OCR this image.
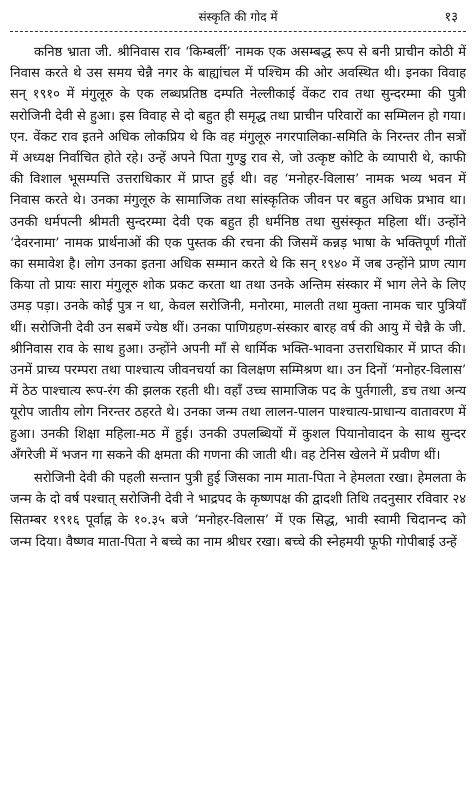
संस्कृति की गोद में	१३

कनिष्ठ भ्राता जी. श्रीनिवास राव ‘किम्बर्ली’ नामक एक असम्बद्ध रूप से बनी प्राचीन कोठी में निवास करते थे उस समय चेन्नै नगर के बाह्यांचल में पश्चिम की ओर अवस्थित थी। इनका विवाह सन् १९१० में मंगुलूरु के एक लब्धप्रतिष्ठ दम्पति नेल्लीकाई वेंकट राव तथा सुन्दरम्मा की पुत्री सरोजिनी देवी से हुआ। इस विवाह से दो बहुत ही समृद्ध तथा प्राचीन परिवारों का सम्मिलन हो गया। एन. वेंकट राव इतने अधिक लोकप्रिय थे कि वह मंगुलूरु नगरपालिका-समिति के निरन्तर तीन सत्रों में अध्यक्ष निर्वाचित होते रहे। उन्हें अपने पिता गुण्डु राव से, जो उत्कृष्ट कोटि के व्यापारी थे, काफी की विशाल भूसम्पत्ति उत्तराधिकार में प्राप्त हुई थी। वह ‘मनोहर-विलास’ नामक भव्य भवन में निवास करते थे। उनका मंगुलूरु के सामाजिक तथा सांस्कृतिक जीवन पर बहुत अधिक प्रभाव था। उनकी धर्मपत्नी श्रीमती सुन्दरम्मा देवी एक बहुत ही धर्मनिष्ठ तथा सुसंस्कृत महिला थीं। उन्होंने ‘देवरनामा’ नामक प्रार्थनाओं की एक पुस्तक की रचना की जिसमें कन्नड़ भाषा के भक्तिपूर्ण गीतों का समावेश है। लोग उनका इतना अधिक सम्मान करते थे कि सन् १९४० में जब उन्होंने प्राण त्याग किया तो प्रायः सारा मंगुलूरु शोक प्रकट करता था तथा उनके अन्तिम संस्कार में भाग लेने के लिए उमड़ पड़ा। उनके कोई पुत्र न था, केवल सरोजिनी, मनोरमा, मालती तथा मुक्ता नामक चार पुत्रियाँ थीं। सरोजिनी देवी उन सबमें ज्येष्ठ थीं। उनका पाणिग्रहण-संस्कार बारह वर्ष की आयु में चेन्नै के जी. श्रीनिवास राव के साथ हुआ। उन्होंने अपनी माँ से धार्मिक भक्ति-भावना उत्तराधिकार में प्राप्त की। उनमें प्राच्य परम्परा तथा पाश्चात्य जीवनचर्या का विलक्षण सम्मिश्रण था। उन दिनों ‘मनोहर-विलास’ में ठेठ पाश्चात्य रूप-रंग की झलक रहती थी। वहाँ उच्च सामाजिक पद के पुर्तगाली, डच तथा अन्य यूरोप जातीय लोग निरन्तर ठहरते थे। उनका जन्म तथा लालन-पालन पाश्चात्य-प्राधान्य वातावरण में हुआ। उनकी शिक्षा महिला-मठ में हुई। उनकी उपलब्धियों में कुशल पियानोवादन के साथ सुन्दर अँगरेजी में भजन गा सकने की क्षमता की गणना की जाती थी। वह टेनिस खेलने में प्रवीण थीं।

सरोजिनी देवी की पहली सन्तान पुत्री हुई जिसका नाम माता-पिता ने हेमलता रखा। हेमलता के जन्म के दो वर्ष पश्चात् सरोजिनी देवी ने भाद्रपद के कृष्णपक्ष की द्वादशी तिथि तदनुसार रविवार २४ सितम्बर १९१६ पूर्वाह्न के १०.३५ बजे ‘मनोहर-विलास’ में एक सिद्ध, भावी स्वामी चिदानन्द को जन्म दिया। वैष्णव माता-पिता ने बच्चे का नाम श्रीधर रखा। बच्चे की स्नेहमयी फूफी गोपीबाई उन्हें
